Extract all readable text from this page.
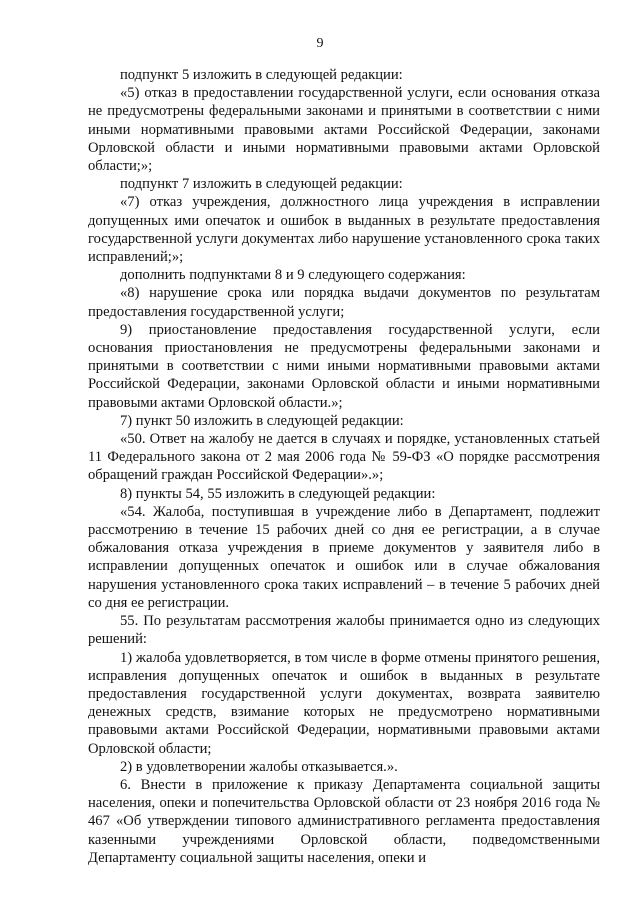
9

подпункт 5 изложить в следующей редакции:

«5) отказ в предоставлении государственной услуги, если основания отказа не предусмотрены федеральными законами и принятыми в соответствии с ними иными нормативными правовыми актами Российской Федерации, законами Орловской области и иными нормативными правовыми актами Орловской области;»;

подпункт 7 изложить в следующей редакции:

«7) отказ учреждения, должностного лица учреждения в исправлении допущенных ими опечаток и ошибок в выданных в результате предоставления государственной услуги документах либо нарушение установленного срока таких исправлений;»;

дополнить подпунктами 8 и 9 следующего содержания:

«8) нарушение срока или порядка выдачи документов по результатам предоставления государственной услуги;

9) приостановление предоставления государственной услуги, если основания приостановления не предусмотрены федеральными законами и принятыми в соответствии с ними иными нормативными правовыми актами Российской Федерации, законами Орловской области и иными нормативными правовыми актами Орловской области.»;

7) пункт 50 изложить в следующей редакции:

«50. Ответ на жалобу не дается в случаях и порядке, установленных статьей 11 Федерального закона от 2 мая 2006 года № 59-ФЗ «О порядке рассмотрения обращений граждан Российской Федерации».»;

8) пункты 54, 55 изложить в следующей редакции:

«54. Жалоба, поступившая в учреждение либо в Департамент, подлежит рассмотрению в течение 15 рабочих дней со дня ее регистрации, а в случае обжалования отказа учреждения в приеме документов у заявителя либо в исправлении допущенных опечаток и ошибок или в случае обжалования нарушения установленного срока таких исправлений – в течение 5 рабочих дней со дня ее регистрации.

55. По результатам рассмотрения жалобы принимается одно из следующих решений:

1) жалоба удовлетворяется, в том числе в форме отмены принятого решения, исправления допущенных опечаток и ошибок в выданных в результате предоставления государственной услуги документах, возврата заявителю денежных средств, взимание которых не предусмотрено нормативными правовыми актами Российской Федерации, нормативными правовыми актами Орловской области;

2) в удовлетворении жалобы отказывается.».

6. Внести в приложение к приказу Департамента социальной защиты населения, опеки и попечительства Орловской области от 23 ноября 2016 года № 467 «Об утверждении типового административного регламента предоставления казенными учреждениями Орловской области, подведомственными Департаменту социальной защиты населения, опеки и
